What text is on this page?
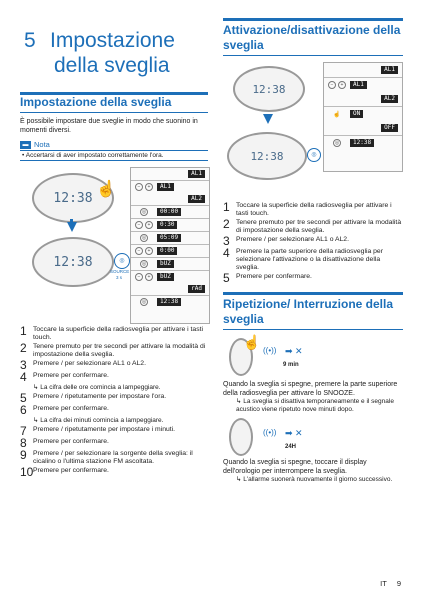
5 Impostazione
della sveglia
Impostazione della sveglia

È possibile impostare due sveglie in modo che suonino in momenti diversi.

▬ Nota
• Accertarsi di aver impostato correttamente l'ora.
12:38 ☝
12:38	◎
SOURCE
3 s
AL1
−	+	AL1
AL2
◎	00:00
−	+	0:30
◎	05:09
−	+	0:00
◎	bUZ
−	+	bUZ
rAd
◎	12:38
1 Toccare la superficie della radiosveglia per attivare i tasti touch.
2 Tenere premuto per tre secondi per attivare la modalità di impostazione della sveglia.
3 Premere / per selezionare AL1 o AL2.
4 Premere per confermare.

↳ La cifra delle ore comincia a lampeggiare.

5 Premere / ripetutamente per impostare l'ora.
6 Premere per confermare.

↳ La cifra dei minuti comincia a lampeggiare.

7 Premere / ripetutamente per impostare i minuti.
8 Premere per confermare.
9 Premere / per selezionare la sorgente della sveglia: il cicalino o l'ultima stazione FM ascoltata.
10 Premere per confermare.
Attivazione/disattivazione della sveglia
12:38
12:38	◎
AL1
−	+	AL1
AL2
☝	ON
OFF
◎	12:38
1 Toccare la superficie della radiosveglia per attivare i tasti touch.
2 Tenere premuto per tre secondi per attivare la modalità di impostazione della sveglia.
3 Premere / per selezionare AL1 o AL2.
4 Premere la parte superiore della radiosveglia per selezionare l'attivazione o la disattivazione della sveglia.
5 Premere per confermare.
Ripetizione/ Interruzione della sveglia
☝
((•)) ➡ ✕
9 min

Quando la sveglia si spegne, premere la parte superiore della radiosveglia per attivare lo SNOOZE.

↳ La sveglia si disattiva temporaneamente e il segnale acustico viene ripetuto nove minuti dopo.

((•)) ➡ ✕
24H

Quando la sveglia si spegne, toccare il display dell'orologio per interrompere la sveglia.

↳ L'allarme suonerà nuovamente il giorno successivo.

IT 9
